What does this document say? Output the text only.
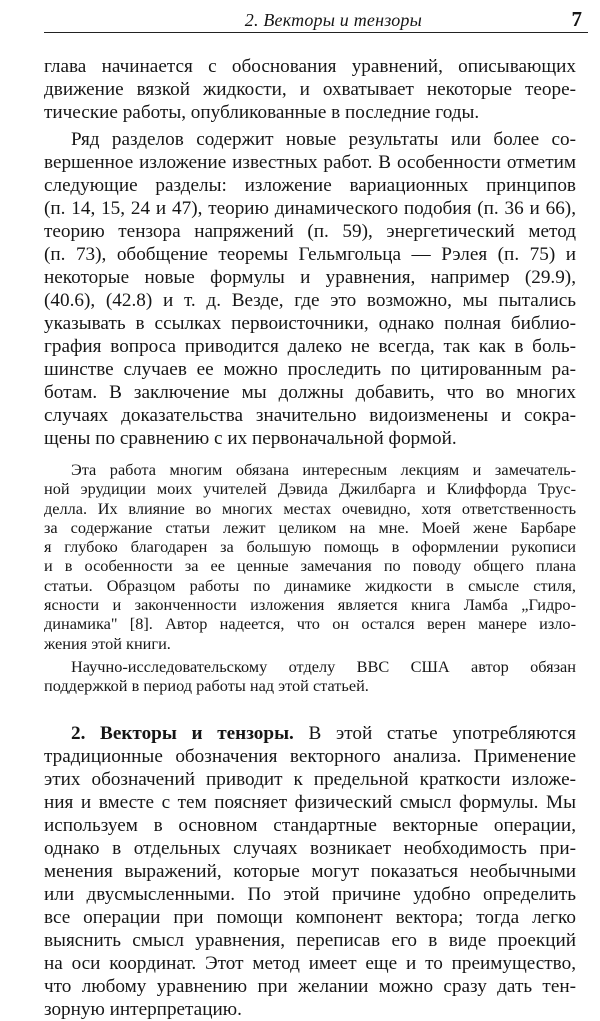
2. Векторы и тензоры	7
глава начинается с обоснования уравнений, описывающих
движение вязкой жидкости, и охватывает некоторые теоре-
тические работы, опубликованные в последние годы.
Ряд разделов содержит новые результаты или более со-
вершенное изложение известных работ. В особенности отметим
следующие разделы: изложение вариационных принципов
(п. 14, 15, 24 и 47), теорию динамического подобия (п. 36 и 66),
теорию тензора напряжений (п. 59), энергетический метод
(п. 73), обобщение теоремы Гельмгольца — Рэлея (п. 75) и
некоторые новые формулы и уравнения, например (29.9),
(40.6), (42.8) и т. д. Везде, где это возможно, мы пытались
указывать в ссылках первоисточники, однако полная библио-
графия вопроса приводится далеко не всегда, так как в боль-
шинстве случаев ее можно проследить по цитированным ра-
ботам. В заключение мы должны добавить, что во многих
случаях доказательства значительно видоизменены и сокра-
щены по сравнению с их первоначальной формой.
Эта работа многим обязана интересным лекциям и замечатель-
ной эрудиции моих учителей Дэвида Джилбарга и Клиффорда Трус-
делла. Их влияние во многих местах очевидно, хотя ответственность
за содержание статьи лежит целиком на мне. Моей жене Барбаре
я глубоко благодарен за большую помощь в оформлении рукописи
и в особенности за ее ценные замечания по поводу общего плана
статьи. Образцом работы по динамике жидкости в смысле стиля,
ясности и законченности изложения является книга Ламба „Гидро-
динамика" [8]. Автор надеется, что он остался верен манере изло-
жения этой книги.
Научно-исследовательскому отделу ВВС США автор обязан
поддержкой в период работы над этой статьей.
2. Векторы и тензоры. В этой статье употребляются
традиционные обозначения векторного анализа. Применение
этих обозначений приводит к предельной краткости изложе-
ния и вместе с тем поясняет физический смысл формулы. Мы
используем в основном стандартные векторные операции,
однако в отдельных случаях возникает необходимость при-
менения выражений, которые могут показаться необычными
или двусмысленными. По этой причине удобно определить
все операции при помощи компонент вектора; тогда легко
выяснить смысл уравнения, переписав его в виде проекций
на оси координат. Этот метод имеет еще и то преимущество,
что любому уравнению при желании можно сразу дать тен-
зорную интерпретацию.
